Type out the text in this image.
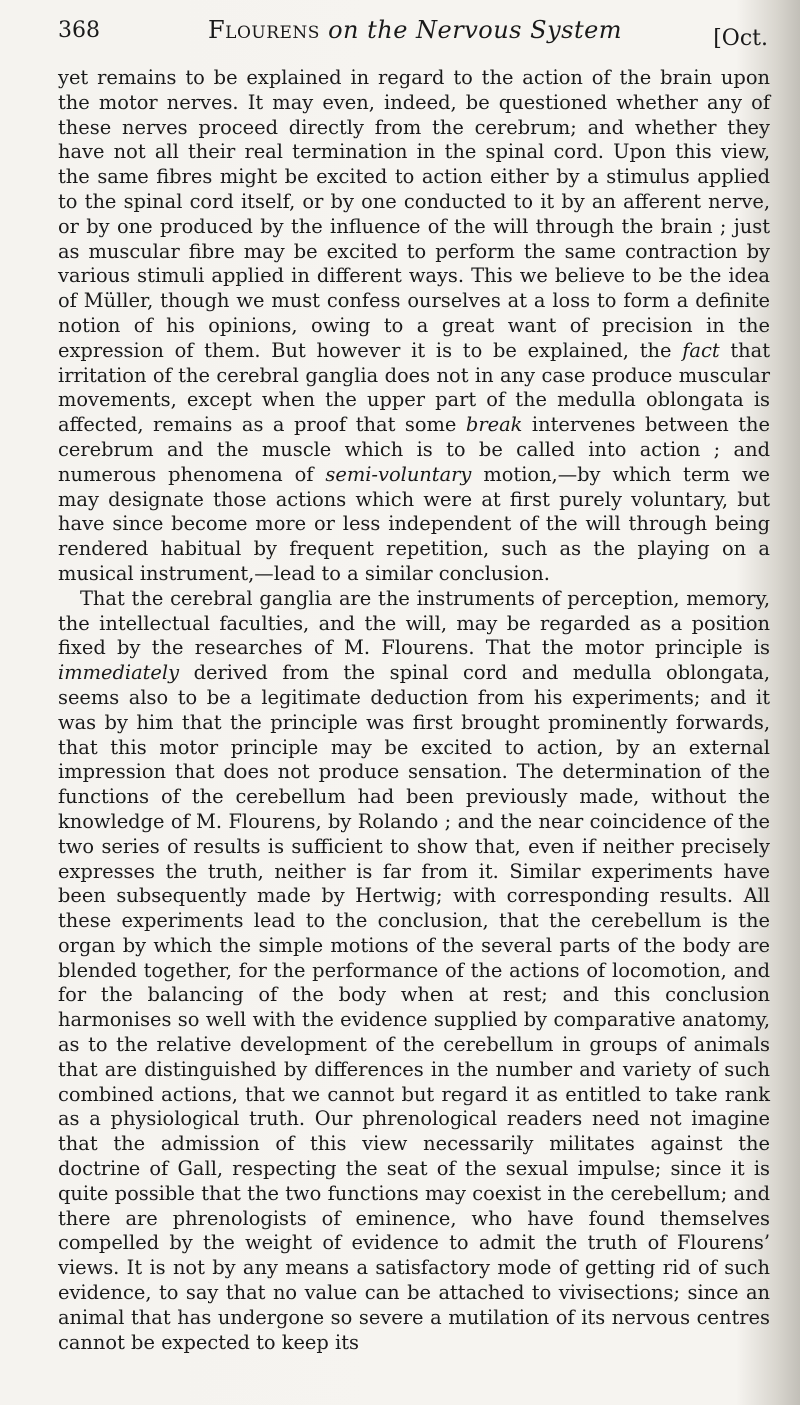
368	Flourens on the Nervous System	[Oct.

yet remains to be explained in regard to the action of the brain upon the motor nerves. It may even, indeed, be questioned whether any of these nerves proceed directly from the cerebrum; and whether they have not all their real termination in the spinal cord. Upon this view, the same fibres might be excited to action either by a stimulus applied to the spinal cord itself, or by one conducted to it by an afferent nerve, or by one produced by the influence of the will through the brain ; just as muscular fibre may be excited to perform the same contraction by various stimuli applied in different ways. This we believe to be the idea of Müller, though we must confess ourselves at a loss to form a definite notion of his opinions, owing to a great want of precision in the expression of them. But however it is to be explained, the fact that irritation of the cerebral ganglia does not in any case produce muscular movements, except when the upper part of the medulla oblongata is affected, remains as a proof that some break intervenes between the cerebrum and the muscle which is to be called into action ; and numerous phenomena of semi-voluntary motion,—by which term we may designate those actions which were at first purely voluntary, but have since become more or less independent of the will through being rendered habitual by frequent repetition, such as the playing on a musical instrument,—lead to a similar conclusion.

That the cerebral ganglia are the instruments of perception, memory, the intellectual faculties, and the will, may be regarded as a position fixed by the researches of M. Flourens. That the motor principle is immediately derived from the spinal cord and medulla oblongata, seems also to be a legitimate deduction from his experiments; and it was by him that the principle was first brought prominently forwards, that this motor principle may be excited to action, by an external impression that does not produce sensation. The determination of the functions of the cerebellum had been previously made, without the knowledge of M. Flourens, by Rolando ; and the near coincidence of the two series of results is sufficient to show that, even if neither precisely expresses the truth, neither is far from it. Similar experiments have been subsequently made by Hertwig; with corresponding results. All these experiments lead to the conclusion, that the cerebellum is the organ by which the simple motions of the several parts of the body are blended together, for the performance of the actions of locomotion, and for the balancing of the body when at rest; and this conclusion harmonises so well with the evidence supplied by comparative anatomy, as to the relative development of the cerebellum in groups of animals that are distinguished by differences in the number and variety of such combined actions, that we cannot but regard it as entitled to take rank as a physiological truth. Our phrenological readers need not imagine that the admission of this view necessarily militates against the doctrine of Gall, respecting the seat of the sexual impulse; since it is quite possible that the two functions may coexist in the cerebellum; and there are phrenologists of eminence, who have found themselves compelled by the weight of evidence to admit the truth of Flourens’ views. It is not by any means a satisfactory mode of getting rid of such evidence, to say that no value can be attached to vivisections; since an animal that has undergone so severe a mutilation of its nervous centres cannot be expected to keep its
